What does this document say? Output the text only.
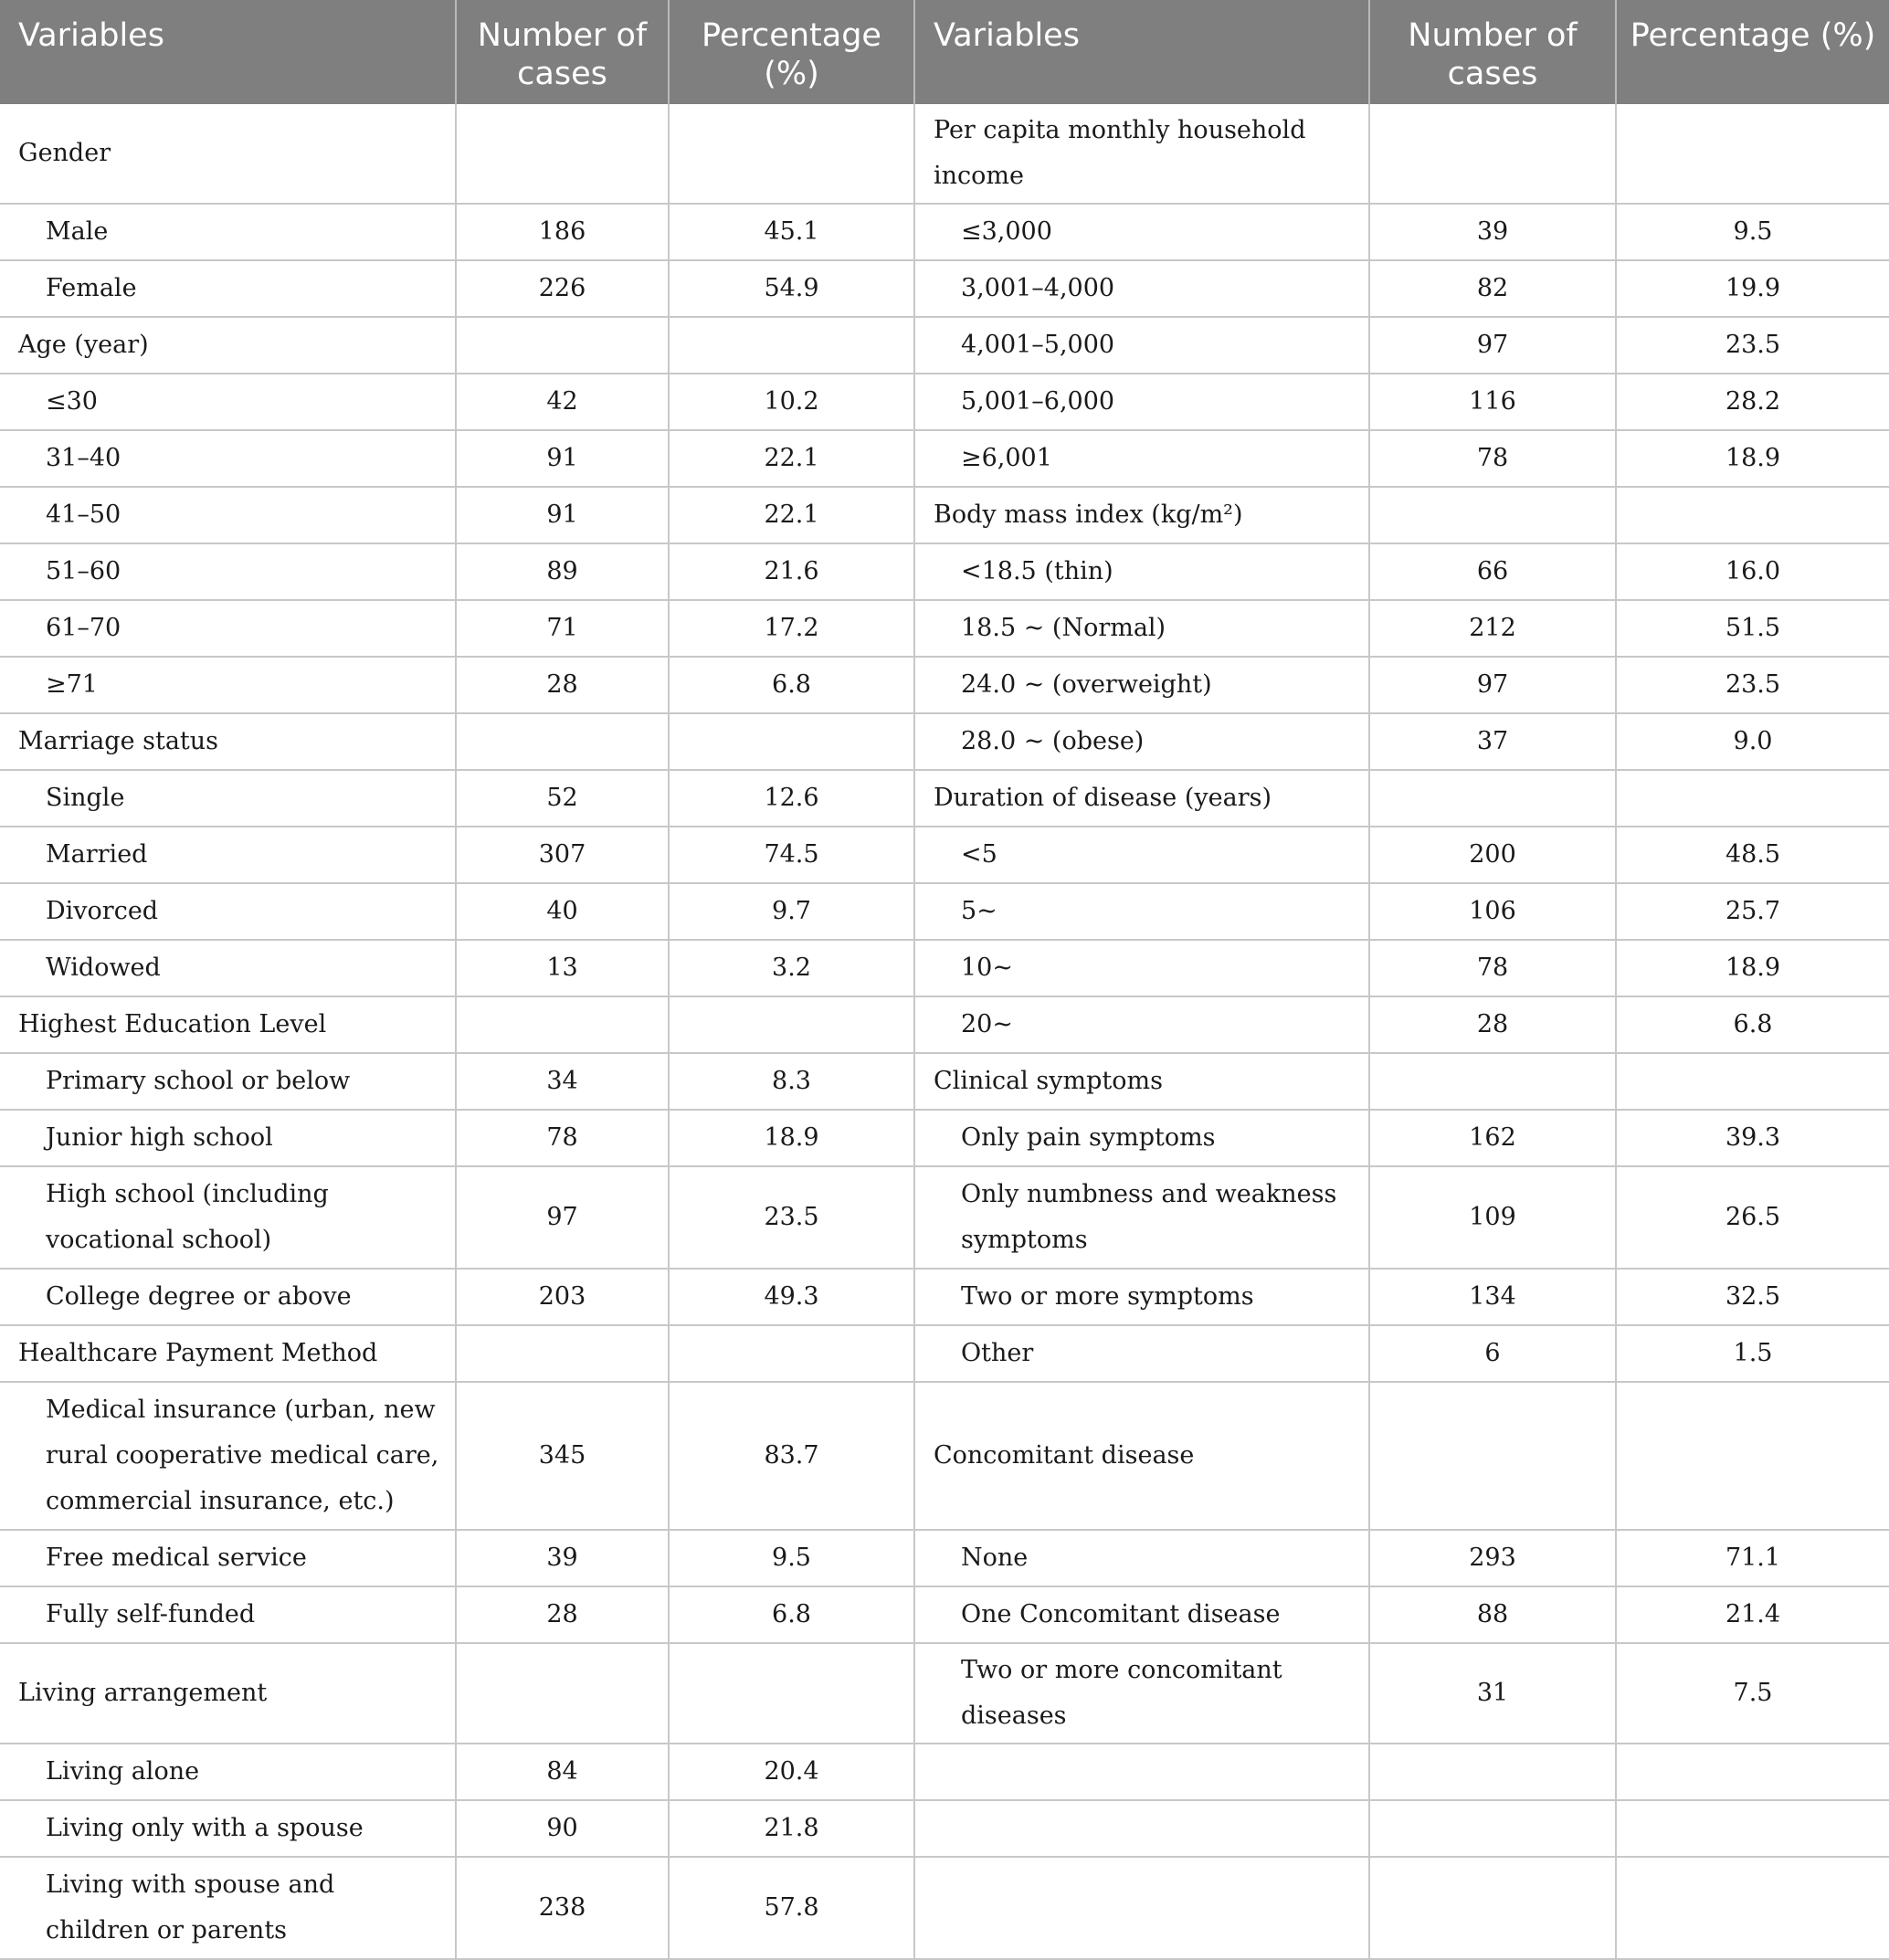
Variables	Number of cases	Percentage (%)	Variables	Number of cases	Percentage (%)
Gender			Per capita monthly household income		
Male	186	45.1	≤3,000	39	9.5
Female	226	54.9	3,001–4,000	82	19.9
Age (year)			4,001–5,000	97	23.5
≤30	42	10.2	5,001–6,000	116	28.2
31–40	91	22.1	≥6,001	78	18.9
41–50	91	22.1	Body mass index (kg/m²)		
51–60	89	21.6	<18.5 (thin)	66	16.0
61–70	71	17.2	18.5 ~ (Normal)	212	51.5
≥71	28	6.8	24.0 ~ (overweight)	97	23.5
Marriage status			28.0 ~ (obese)	37	9.0
Single	52	12.6	Duration of disease (years)		
Married	307	74.5	<5	200	48.5
Divorced	40	9.7	5~	106	25.7
Widowed	13	3.2	10~	78	18.9
Highest Education Level			20~	28	6.8
Primary school or below	34	8.3	Clinical symptoms		
Junior high school	78	18.9	Only pain symptoms	162	39.3
High school (including vocational school)	97	23.5	Only numbness and weakness symptoms	109	26.5
College degree or above	203	49.3	Two or more symptoms	134	32.5
Healthcare Payment Method			Other	6	1.5
Medical insurance (urban, new rural cooperative medical care, commercial insurance, etc.)	345	83.7	Concomitant disease		
Free medical service	39	9.5	None	293	71.1
Fully self-funded	28	6.8	One Concomitant disease	88	21.4
Living arrangement			Two or more concomitant diseases	31	7.5
Living alone	84	20.4			
Living only with a spouse	90	21.8			
Living with spouse and children or parents	238	57.8			
